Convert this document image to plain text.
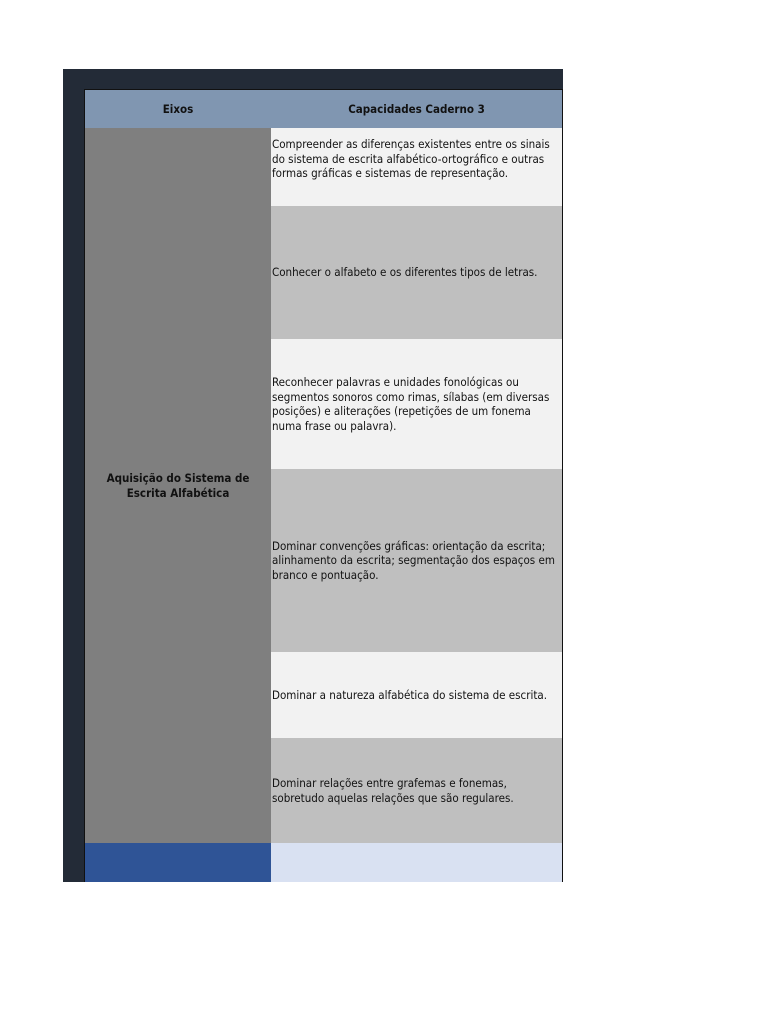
Eixos	Capacidades Caderno 3
Aquisição do Sistema de Escrita Alfabética
Compreender as diferenças existentes entre os sinais do sistema de escrita alfabético-ortográfico e outras formas gráficas e sistemas de representação.
Conhecer o alfabeto e os diferentes tipos de letras.
Reconhecer palavras e unidades fonológicas ou segmentos sonoros como rimas, sílabas (em diversas posições) e aliterações (repetições de um fonema numa frase ou palavra).
Dominar convenções gráficas: orientação da escrita;
alinhamento da escrita; segmentação dos espaços em branco e pontuação.
Dominar a natureza alfabética do sistema de escrita.
Dominar relações entre grafemas e fonemas, sobretudo aquelas relações que são regulares.
